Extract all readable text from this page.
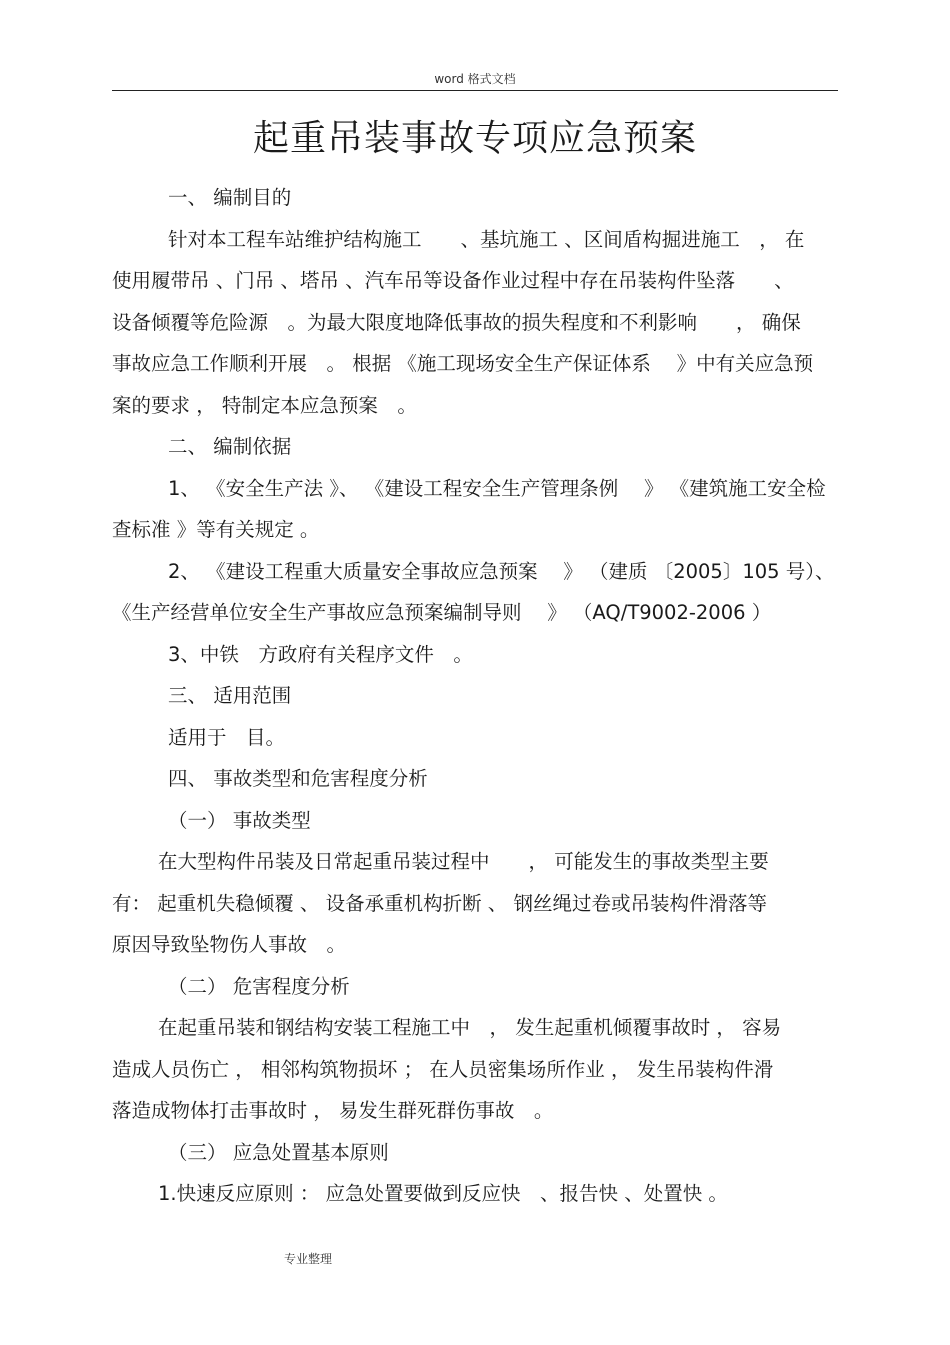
word 格式文档
起重吊装事故专项应急预案
一、 编制目的
针对本工程车站维护结构施工　　、基坑施工 、区间盾构掘进施工　， 在
使用履带吊 、门吊 、塔吊 、汽车吊等设备作业过程中存在吊装构件坠落　　、
设备倾覆等危险源　。为最大限度地降低事故的损失程度和不利影响　　， 确保
事故应急工作顺利开展　。 根据 《施工现场安全生产保证体系　 》中有关应急预
案的要求 ， 特制定本应急预案　。
二、 编制依据
1、 《安全生产法 》、 《建设工程安全生产管理条例　 》 《建筑施工安全检
查标准 》等有关规定 。
2、 《建设工程重大质量安全事故应急预案　 》 （建质 〔2005〕105 号）、
《生产经营单位安全生产事故应急预案编制导则　 》 （AQ/T9002-2006 ）
3、中铁　方政府有关程序文件　。
三、 适用范围
适用于　目。
四、 事故类型和危害程度分析
（一） 事故类型
在大型构件吊装及日常起重吊装过程中　　， 可能发生的事故类型主要
有： 起重机失稳倾覆 、 设备承重机构折断 、 钢丝绳过卷或吊装构件滑落等
原因导致坠物伤人事故　。
（二） 危害程度分析
在起重吊装和钢结构安装工程施工中　， 发生起重机倾覆事故时 ， 容易
造成人员伤亡 ， 相邻构筑物损坏 ； 在人员密集场所作业 ， 发生吊装构件滑
落造成物体打击事故时 ， 易发生群死群伤事故　。
（三） 应急处置基本原则
1.快速反应原则 ： 应急处置要做到反应快　、报告快 、处置快 。
专业整理
